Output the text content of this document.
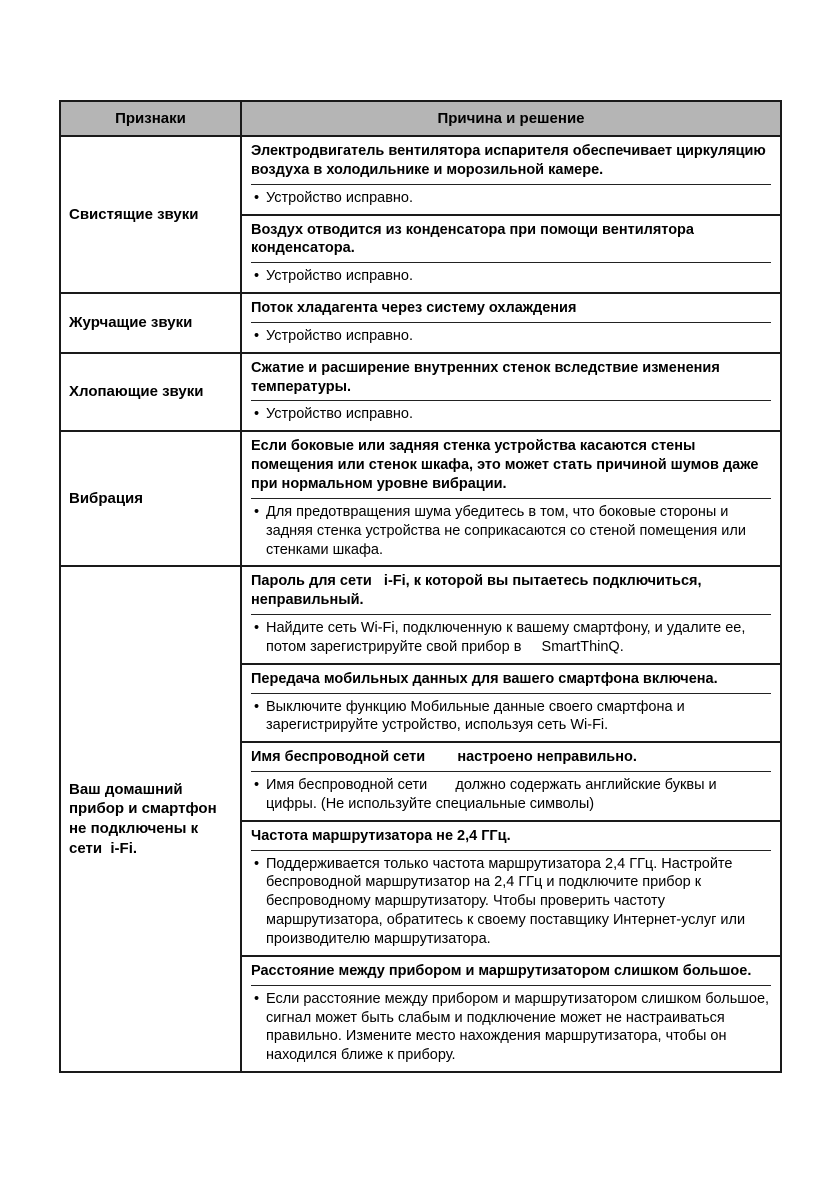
Признаки	Причина и решение
Свистящие звуки
Электродвигатель вентилятора испарителя обеспечивает циркуляцию воздуха в холодильнике и морозильной камере.
• Устройство исправно.
Воздух отводится из конденсатора при помощи вентилятора конденсатора.
• Устройство исправно.
Журчащие звуки
Поток хладагента через систему охлаждения
• Устройство исправно.
Хлопающие звуки
Сжатие и расширение внутренних стенок вследствие изменения температуры.
• Устройство исправно.
Вибрация
Если боковые или задняя стенка устройства касаются стены помещения или стенок шкафа, это может стать причиной шумов даже при нормальном уровне вибрации.
• Для предотвращения шума убедитесь в том, что боковые стороны и задняя стенка устройства не соприкасаются со стеной помещения или стенками шкафа.
Ваш домашний прибор и смартфон не подключены к сети  i-Fi.
Пароль для сети   i-Fi, к которой вы пытаетесь подключиться, неправильный.
• Найдите сеть Wi-Fi, подключенную к вашему смартфону, и удалите ее, потом зарегистрируйте свой прибор в     SmartThinQ.
Передача мобильных данных для вашего смартфона включена.
• Выключите функцию Мобильные данные своего смартфона и зарегистрируйте устройство, используя сеть Wi-Fi.
Имя беспроводной сети        настроено неправильно.
• Имя беспроводной сети       должно содержать английские буквы и цифры. (Не используйте специальные символы)
Частота маршрутизатора не 2,4 ГГц.
• Поддерживается только частота маршрутизатора 2,4 ГГц. Настройте беспроводной маршрутизатор на 2,4 ГГц и подключите прибор к беспроводному маршрутизатору. Чтобы проверить частоту маршрутизатора, обратитесь к своему поставщику Интернет-услуг или производителю маршрутизатора.
Расстояние между прибором и маршрутизатором слишком большое.
• Если расстояние между прибором и маршрутизатором слишком большое, сигнал может быть слабым и подключение может не настраиваться правильно. Измените место нахождения маршрутизатора, чтобы он находился ближе к прибору.
